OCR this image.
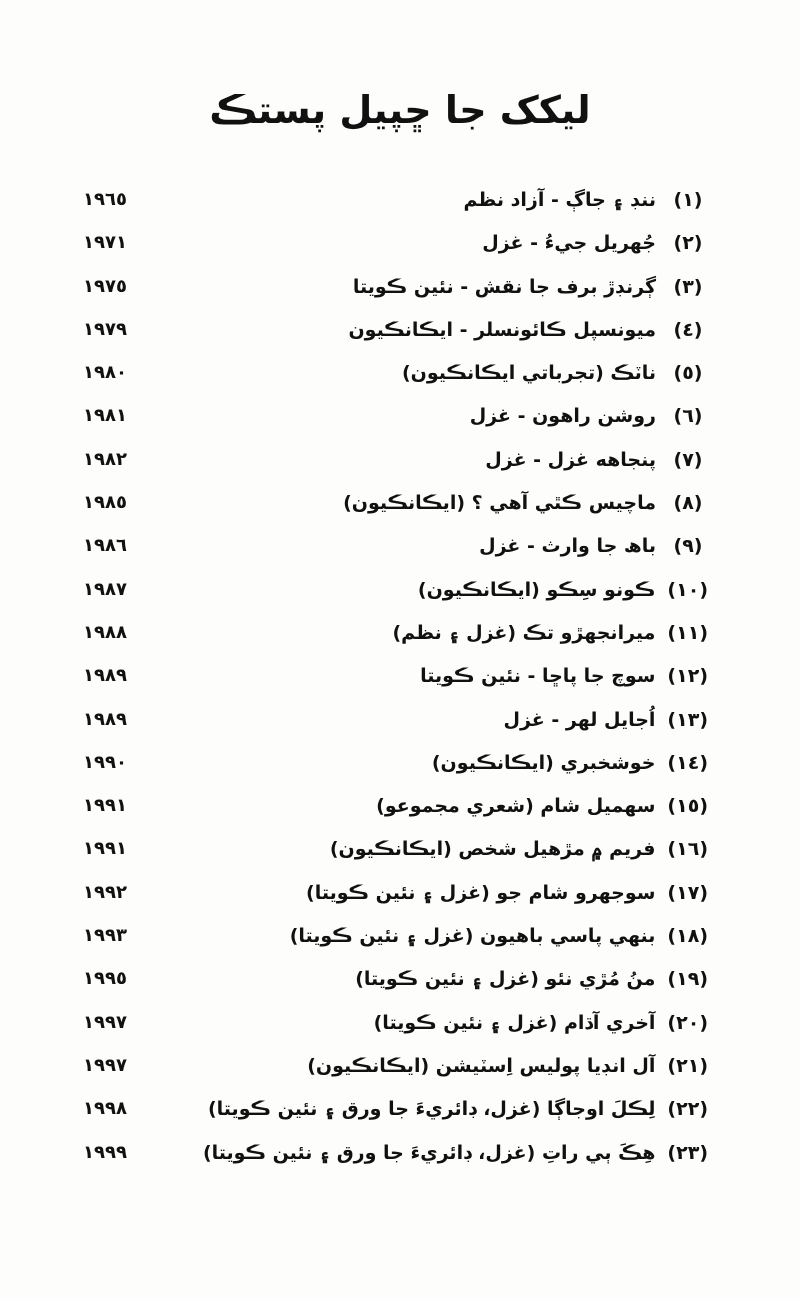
ليکک جا ڇپيل پستڪ
(١)ننڊ ۽ جاڳ - آزاد نظم
١٩٦٥
(٢)جُهريل جيءُ - غزل
١٩٧١
(٣)ڳرنڊڙ برف جا نقش - نئين ڪويتا
١٩٧٥
(٤)ميونسپل ڪائونسلر - ايڪانڪيون
١٩٧٩
(٥)ناٽڪ (تجرباتي ايڪانڪيون)
١٩٨٠
(٦)روشن راهون - غزل
١٩٨١
(٧)پنجاهه غزل - غزل
١٩٨٢
(٨)ماچيس ڪٿي آهي ؟ (ايڪانڪيون)
١٩٨٥
(٩)باھ جا وارث - غزل
١٩٨٦
(١٠)ڪونو سِڪو (ايڪانڪيون)
١٩٨٧
(١١)ميرانجهڙو تڪ (غزل ۽ نظم)
١٩٨٨
(١٢)سوچ جا پاڇا - نئين ڪويتا
١٩٨٩
(١٣)اُجايل لهر - غزل
١٩٨٩
(١٤)خوشخبري (ايڪانڪيون)
١٩٩٠
(١٥)سهميل شام (شعري مجموعو)
١٩٩١
(١٦)فريم ۾ مڙهيل شخص (ايڪانڪيون)
١٩٩١
(١٧)سوجهرو شام جو (غزل ۽ نئين ڪويتا)
١٩٩٢
(١٨)بنهي پاسي باهيون (غزل ۽ نئين ڪويتا)
١٩٩٣
(١٩)منُ مُڙي نئو (غزل ۽ نئين ڪويتا)
١٩٩٥
(٢٠)آخري آڌام (غزل ۽ نئين ڪويتا)
١٩٩٧
(٢١)آل انڊيا پوليس اِسٽيشن (ايڪانڪيون)
١٩٩٧
(٢٢)لِڪلَ اوجاڳا (غزل، ڊائريءَ جا ورق ۽ نئين ڪويتا)
١٩٩٨
(٢٣)هِڪَ ٻي راتِ (غزل، ڊائريءَ جا ورق ۽ نئين ڪويتا)
١٩٩٩
